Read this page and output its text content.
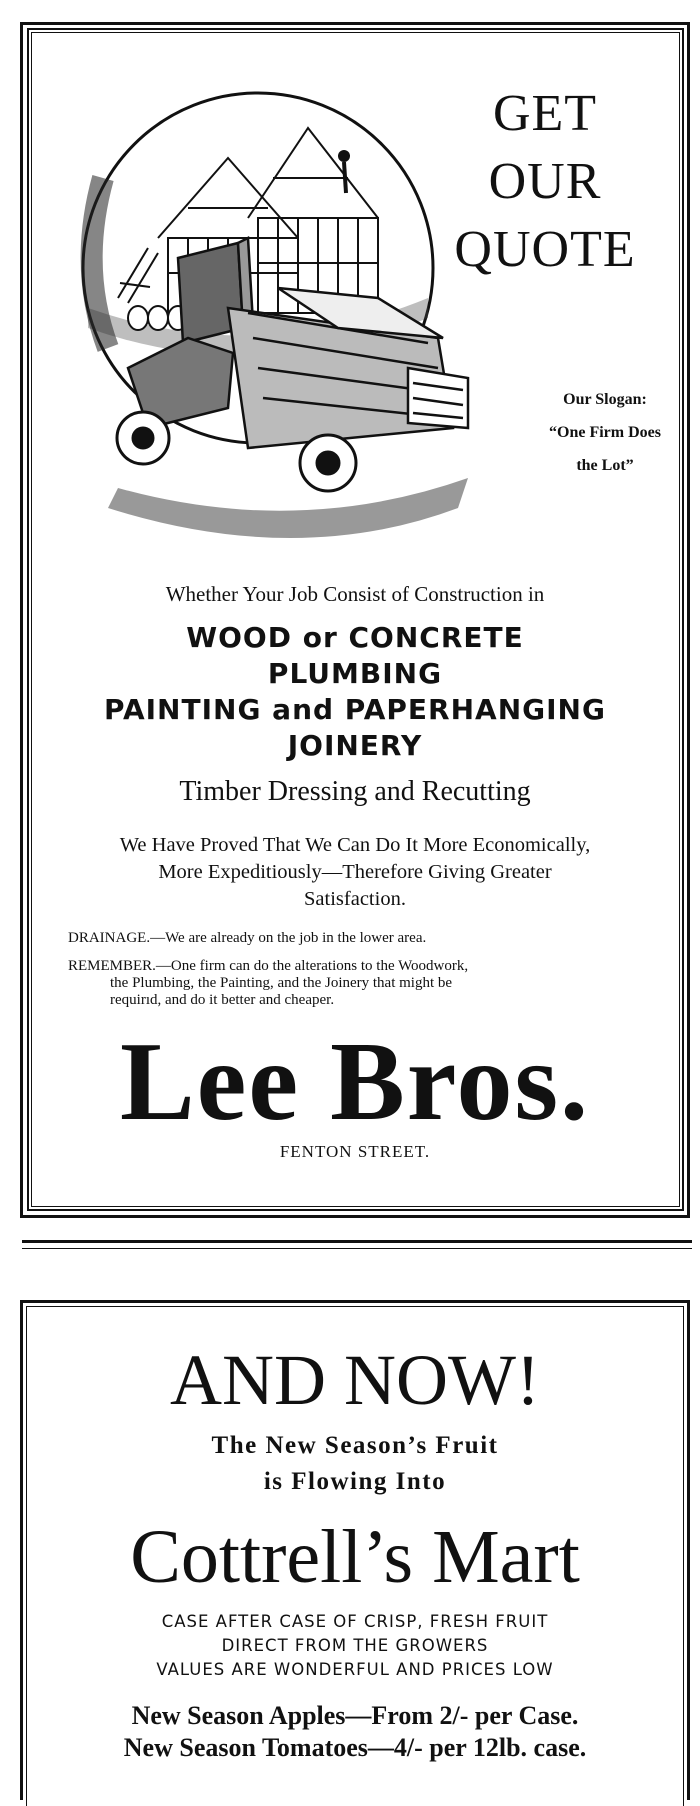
GET
OUR
QUOTE
Our Slogan:
“One Firm Does
the Lot”
Whether Your Job Consist of Construction in
WOOD or CONCRETE
PLUMBING
PAINTING and PAPERHANGING
JOINERY
Timber Dressing and Recutting
We Have Proved That We Can Do It More Economically,
More Expeditiously—Therefore Giving Greater
Satisfaction.
DRAINAGE.—We are already on the job in the lower area.
REMEMBER.—One firm can do the alterations to the Woodwork,
the Plumbing, the Painting, and the Joinery that might be
requirıd, and do it better and cheaper.
Lee Bros.
FENTON STREET.
AND NOW!
The New Season’s Fruit
is Flowing Into
Cottrell’s Mart
CASE AFTER CASE OF CRISP, FRESH FRUIT
DIRECT FROM THE GROWERS
VALUES ARE WONDERFUL AND PRICES LOW
New Season Apples—From 2/- per Case.
New Season Tomatoes—4/- per 12lb. case.
